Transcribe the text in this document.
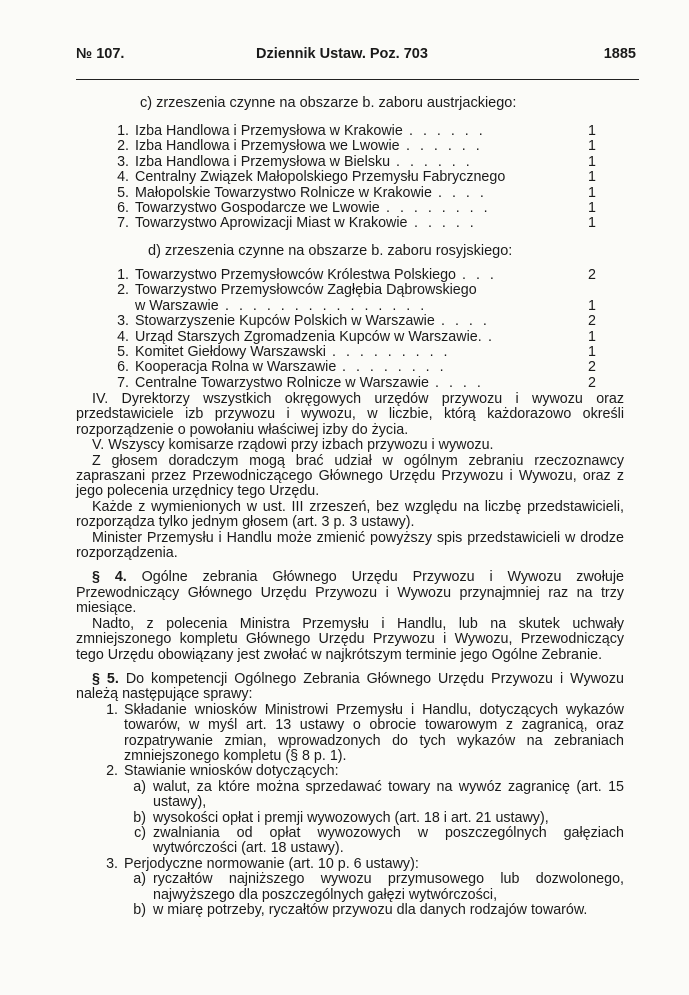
№ 107.	Dziennik Ustaw. Poz. 703	1885
c) zrzeszenia czynne na obszarze b. zaboru austrjackiego:
1. Izba Handlowa i Przemysłowa w Krakowie . . . . . .	1
2. Izba Handlowa i Przemysłowa we Lwowie . . . . . .	1
3. Izba Handlowa i Przemysłowa w Bielsku . . . . . .	1
4. Centralny Związek Małopolskiego Przemysłu Fabrycznego	1
5. Małopolskie Towarzystwo Rolnicze w Krakowie . . . .	1
6. Towarzystwo Gospodarcze we Lwowie . . . . . . . .	1
7. Towarzystwo Aprowizacji Miast w Krakowie . . . . .	1
d) zrzeszenia czynne na obszarze b. zaboru rosyjskiego:
1. Towarzystwo Przemysłowców Królestwa Polskiego . . .	2
2. Towarzystwo Przemysłowców Zagłębia Dąbrowskiego
w Warszawie . . . . . . . . . . . . . . .	1
3. Stowarzyszenie Kupców Polskich w Warszawie . . . .	2
4. Urząd Starszych Zgromadzenia Kupców w Warszawie. .	1
5. Komitet Giełdowy Warszawski . . . . . . . . .	1
6. Kooperacja Rolna w Warszawie . . . . . . . .	2
7. Centralne Towarzystwo Rolnicze w Warszawie . . . .	2

IV. Dyrektorzy wszystkich okręgowych urzędów przywozu i wywozu oraz przedstawiciele izb przywozu i wywozu, w liczbie, którą każdorazowo określi rozporządzenie o powołaniu właściwej izby do życia.

V. Wszyscy komisarze rządowi przy izbach przywozu i wywozu.

Z głosem doradczym mogą brać udział w ogólnym zebraniu rzeczoznawcy zapraszani przez Przewodniczącego Głównego Urzędu Przywozu i Wywozu, oraz z jego polecenia urzędnicy tego Urzędu.

Każde z wymienionych w ust. III zrzeszeń, bez względu na liczbę przedstawicieli, rozporządza tylko jednym głosem (art. 3 p. 3 ustawy).

Minister Przemysłu i Handlu może zmienić powyższy spis przedstawicieli w drodze rozporządzenia.

§ 4. Ogólne zebrania Głównego Urzędu Przywozu i Wywozu zwołuje Przewodniczący Głównego Urzędu Przywozu i Wywozu przynajmniej raz na trzy miesiące.

Nadto, z polecenia Ministra Przemysłu i Handlu, lub na skutek uchwały zmniejszonego kompletu Głównego Urzędu Przywozu i Wywozu, Przewodniczący tego Urzędu obowiązany jest zwołać w najkrótszym terminie jego Ogólne Zebranie.

§ 5. Do kompetencji Ogólnego Zebrania Głównego Urzędu Przywozu i Wywozu należą następujące sprawy:

1. Składanie wniosków Ministrowi Przemysłu i Handlu, dotyczących wykazów towarów, w myśl art. 13 ustawy o obrocie towarowym z zagranicą, oraz rozpatrywanie zmian, wprowadzonych do tych wykazów na zebraniach zmniejszonego kompletu (§ 8 p. 1).
2. Stawianie wniosków dotyczących:
a) walut, za które można sprzedawać towary na wywóz zagranicę (art. 15 ustawy),
b) wysokości opłat i premji wywozowych (art. 18 i art. 21 ustawy),
c) zwalniania od opłat wywozowych w poszczególnych gałęziach wytwórczości (art. 18 ustawy).
3. Perjodyczne normowanie (art. 10 p. 6 ustawy):
a) ryczałtów najniższego wywozu przymusowego lub dozwolonego, najwyższego dla poszczególnych gałęzi wytwórczości,
b) w miarę potrzeby, ryczałtów przywozu dla danych rodzajów towarów.
